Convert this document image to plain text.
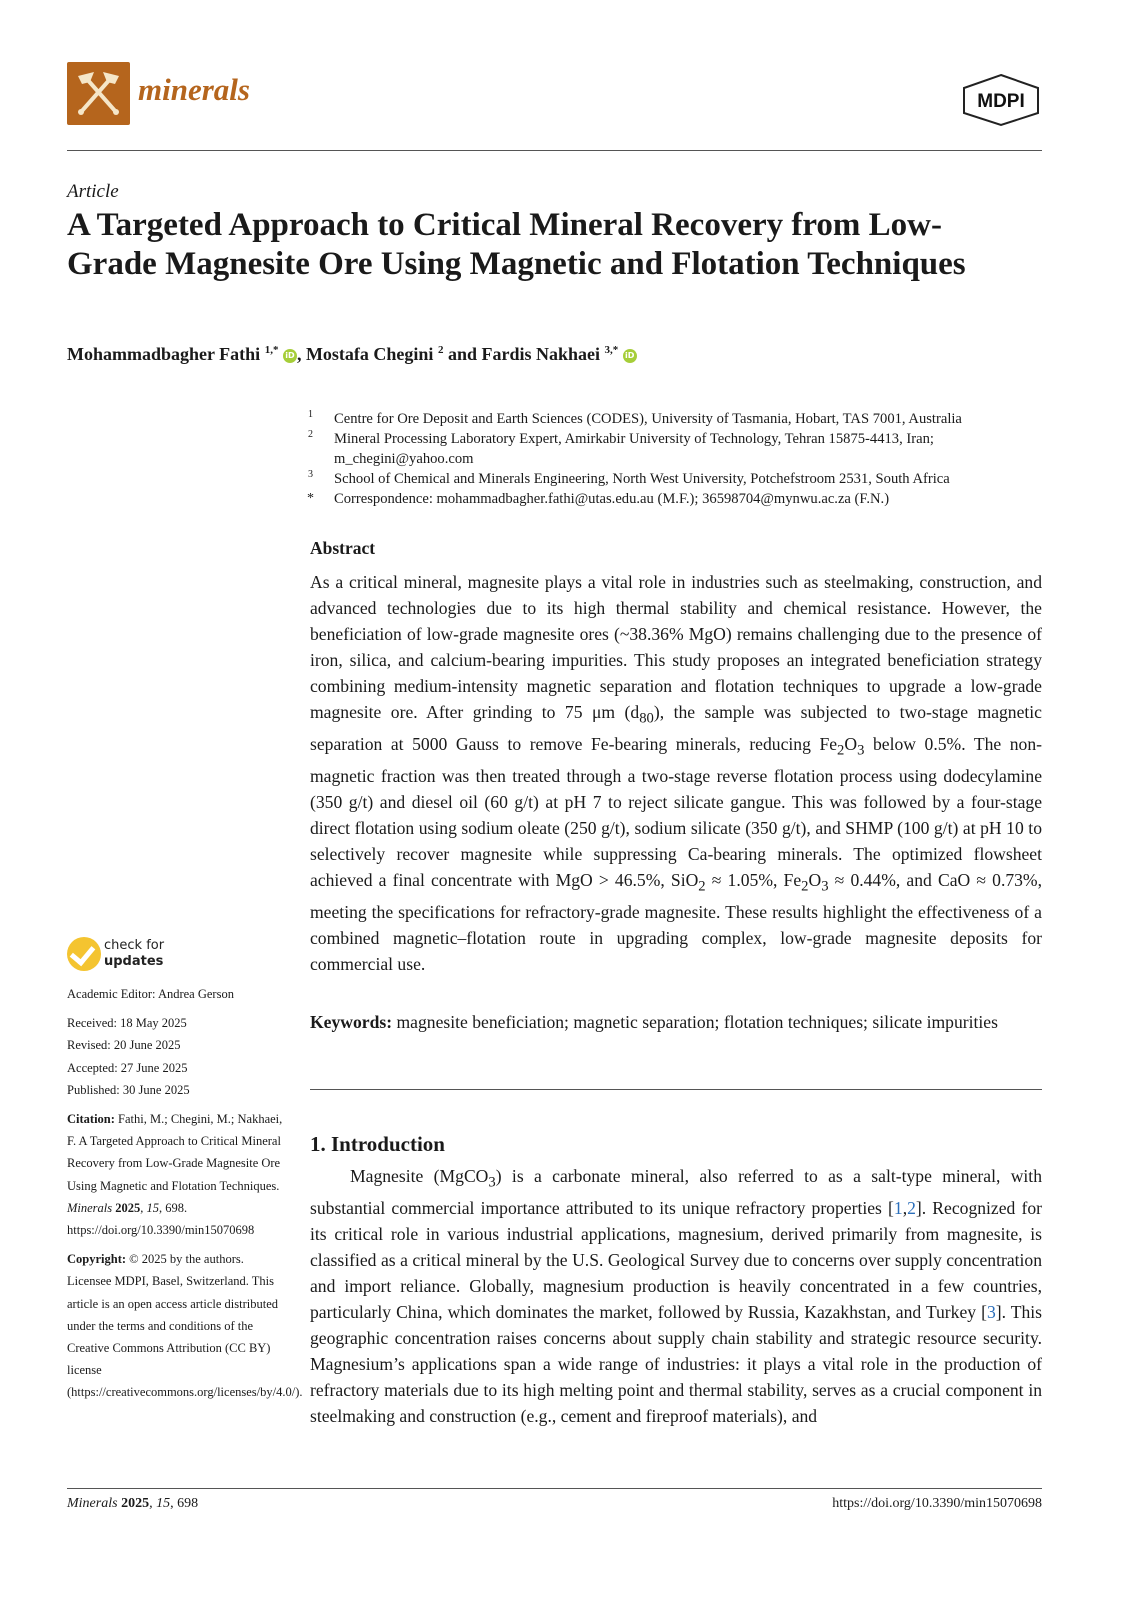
minerals	MDPI
Article
A Targeted Approach to Critical Mineral Recovery from Low-Grade Magnesite Ore Using Magnetic and Flotation Techniques
Mohammadbagher Fathi $^{1,*}$ iD , Mostafa Chegini $^2$ and Fardis Nakhaei $^{3,*}$ iD
1 Centre for Ore Deposit and Earth Sciences (CODES), University of Tasmania, Hobart, TAS 7001, Australia
2 Mineral Processing Laboratory Expert, Amirkabir University of Technology, Tehran 15875-4413, Iran; m_chegini@yahoo.com
3 School of Chemical and Minerals Engineering, North West University, Potchefstroom 2531, South Africa
* Correspondence: mohammadbagher.fathi@utas.edu.au (M.F.); 36598704@mynwu.ac.za (F.N.)
Abstract

As a critical mineral, magnesite plays a vital role in industries such as steelmaking, construction, and advanced technologies due to its high thermal stability and chemical resistance. However, the beneficiation of low-grade magnesite ores (~38.36% MgO) remains challenging due to the presence of iron, silica, and calcium-bearing impurities. This study proposes an integrated beneficiation strategy combining medium-intensity magnetic separation and flotation techniques to upgrade a low-grade magnesite ore. After grinding to 75 μm $(d_{80})$, the sample was subjected to two-stage magnetic separation at 5000 Gauss to remove Fe-bearing minerals, reducing $Fe_2O_3$ below 0.5%. The non-magnetic fraction was then treated through a two-stage reverse flotation process using dodecylamine (350 g/t) and diesel oil (60 g/t) at pH 7 to reject silicate gangue. This was followed by a four-stage direct flotation using sodium oleate (250 g/t), sodium silicate (350 g/t), and SHMP (100 g/t) at pH 10 to selectively recover magnesite while suppressing Ca-bearing minerals. The optimized flowsheet achieved a final concentrate with MgO > 46.5%, SiO$_2$ ≈ 1.05%, $Fe_2O_3 \approx 0.44\%$, and CaO ≈ 0.73%, meeting the specifications for refractory-grade magnesite. These results highlight the effectiveness of a combined magnetic–flotation route in upgrading complex, low-grade magnesite deposits for commercial use.

Keywords: magnesite beneficiation; magnetic separation; flotation techniques; silicate impurities
1. Introduction

Magnesite (MgCO$_3$) is a carbonate mineral, also referred to as a salt-type mineral, with substantial commercial importance attributed to its unique refractory properties [1,2]. Recognized for its critical role in various industrial applications, magnesium, derived primarily from magnesite, is classified as a critical mineral by the U.S. Geological Survey due to concerns over supply concentration and import reliance. Globally, magnesium production is heavily concentrated in a few countries, particularly China, which dominates the market, followed by Russia, Kazakhstan, and Turkey [3]. This geographic concentration raises concerns about supply chain stability and strategic resource security. Magnesium’s applications span a wide range of industries: it plays a vital role in the production of refractory materials due to its high melting point and thermal stability, serves as a crucial component in steelmaking and construction (e.g., cement and fireproof materials), and

check for
updates

Academic Editor: Andrea Gerson

Received: 18 May 2025

Revised: 20 June 2025

Accepted: 27 June 2025

Published: 30 June 2025

Citation: Fathi, M.; Chegini, M.; Nakhaei, F. A Targeted Approach to Critical Mineral Recovery from Low-Grade Magnesite Ore Using Magnetic and Flotation Techniques. Minerals 2025, 15, 698. https://doi.org/10.3390/min15070698

Copyright: © 2025 by the authors. Licensee MDPI, Basel, Switzerland. This article is an open access article distributed under the terms and conditions of the Creative Commons Attribution (CC BY) license (https://creativecommons.org/licenses/by/4.0/).

Minerals 2025, 15, 698	https://doi.org/10.3390/min15070698
